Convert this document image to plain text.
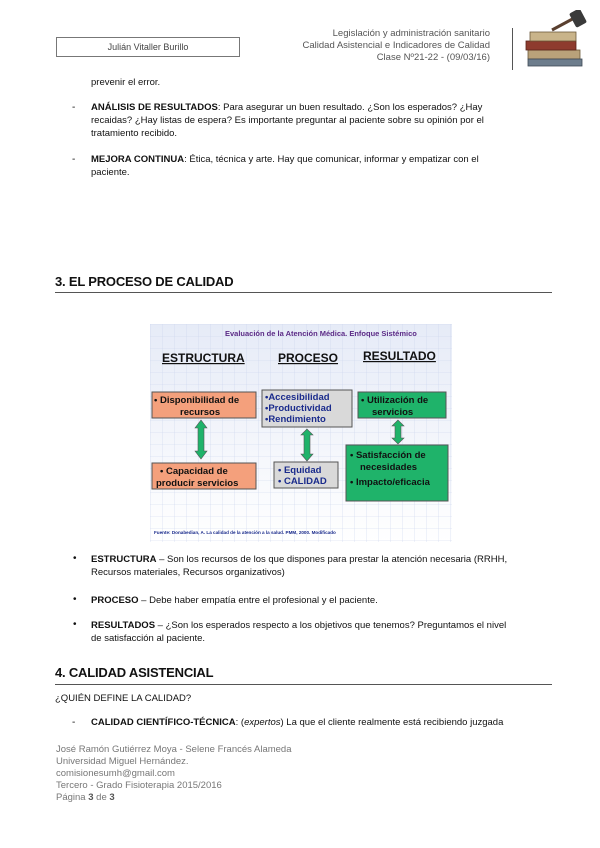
Julián Vitaller Burillo
Legislación y administración sanitario
Calidad Asistencial e Indicadores de Calidad
Clase Nº21-22 - (09/03/16)
prevenir el error.
- ANÁLISIS DE RESULTADOS: Para asegurar un buen resultado. ¿Son los esperados? ¿Hay
recaidas? ¿Hay listas de espera? Es importante preguntar al paciente sobre su opinión por el
tratamiento recibido.
- MEJORA CONTINUA: Ética, técnica y arte. Hay que comunicar, informar y empatizar con el
paciente.
3. EL PROCESO DE CALIDAD
Evaluación de la Atención Médica. Enfoque Sistémico
ESTRUCTURA	PROCESO RESULTADO
• Disponibilidad de
recursos
•Accesibilidad
•Productividad
•Rendimiento
• Utilización de
servicios
• Capacidad de
producir servicios
• Equidad
• CALIDAD
• Satisfacción de
necesidades
• Impacto/eficacia
Fuente: Donabedian, A. La calidad de la atención a la salud. PMM, 2000. Modificado
• ESTRUCTURA – Son los recursos de los que dispones para prestar la atención necesaria (RRHH,
Recursos materiales, Recursos organizativos)
• PROCESO – Debe haber empatía entre el profesional y el paciente.
• RESULTADOS – ¿Son los esperados respecto a los objetivos que tenemos? Preguntamos el nivel
de satisfacción al paciente.
4. CALIDAD ASISTENCIAL
¿QUIÉN DEFINE LA CALIDAD?
- CALIDAD CIENTÍFICO-TÉCNICA: (expertos) La que el cliente realmente está recibiendo juzgada
José Ramón Gutiérrez Moya - Selene Francés Alameda
Universidad Miguel Hernández.
comisionesumh@gmail.com
Tercero - Grado Fisioterapia 2015/2016
Página 3 de 3
